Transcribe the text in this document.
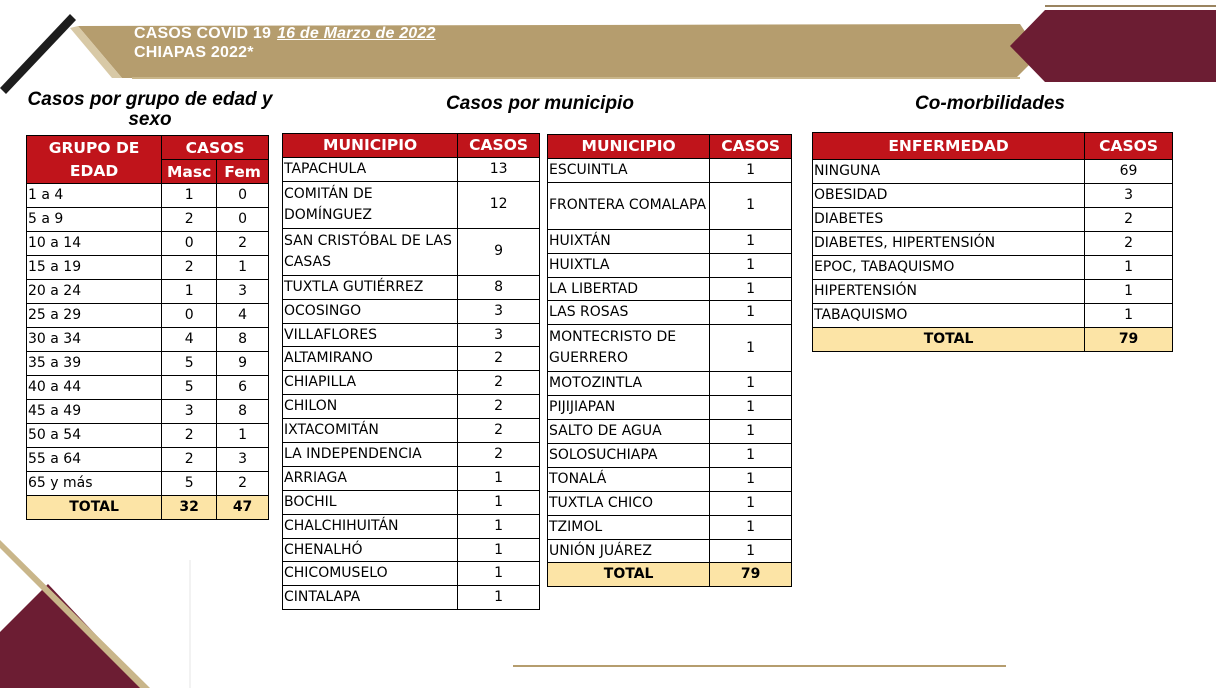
CASOS COVID 19 16 de Marzo de 2022
CHIAPAS 2022*
Casos por grupo de edad y sexo
GRUPO DE EDAD	CASOS	
	Masc	Fem
1 a 4	1	0
5 a 9	2	0
10 a 14	0	2
15 a 19	2	1
20 a 24	1	3
25 a 29	0	4
30 a 34	4	8
35 a 39	5	9
40 a 44	5	6
45 a 49	3	8
50 a 54	2	1
55 a 64	2	3
65 y más	5	2
TOTAL	32	47
Casos por municipio
MUNICIPIO	CASOS
TAPACHULA	13
COMITÁN DE DOMÍNGUEZ	12
SAN CRISTÓBAL DE LAS CASAS	9
TUXTLA GUTIÉRREZ	8
OCOSINGO	3
VILLAFLORES	3
ALTAMIRANO	2
CHIAPILLA	2
CHILON	2
IXTACOMITÁN	2
LA INDEPENDENCIA	2
ARRIAGA	1
BOCHIL	1
CHALCHIHUITÁN	1
CHENALHÓ	1
CHICOMUSELO	1
CINTALAPA	1
MUNICIPIO	CASOS
ESCUINTLA	1
FRONTERA COMALAPA	1
HUIXTÁN	1
HUIXTLA	1
LA LIBERTAD	1
LAS ROSAS	1
MONTECRISTO DE GUERRERO	1
MOTOZINTLA	1
PIJIJIAPAN	1
SALTO DE AGUA	1
SOLOSUCHIAPA	1
TONALÁ	1
TUXTLA CHICO	1
TZIMOL	1
UNIÓN JUÁREZ	1
TOTAL	79
Co-morbilidades
ENFERMEDAD	CASOS
NINGUNA	69
OBESIDAD	3
DIABETES	2
DIABETES, HIPERTENSIÓN	2
EPOC, TABAQUISMO	1
HIPERTENSIÓN	1
TABAQUISMO	1
TOTAL	79
